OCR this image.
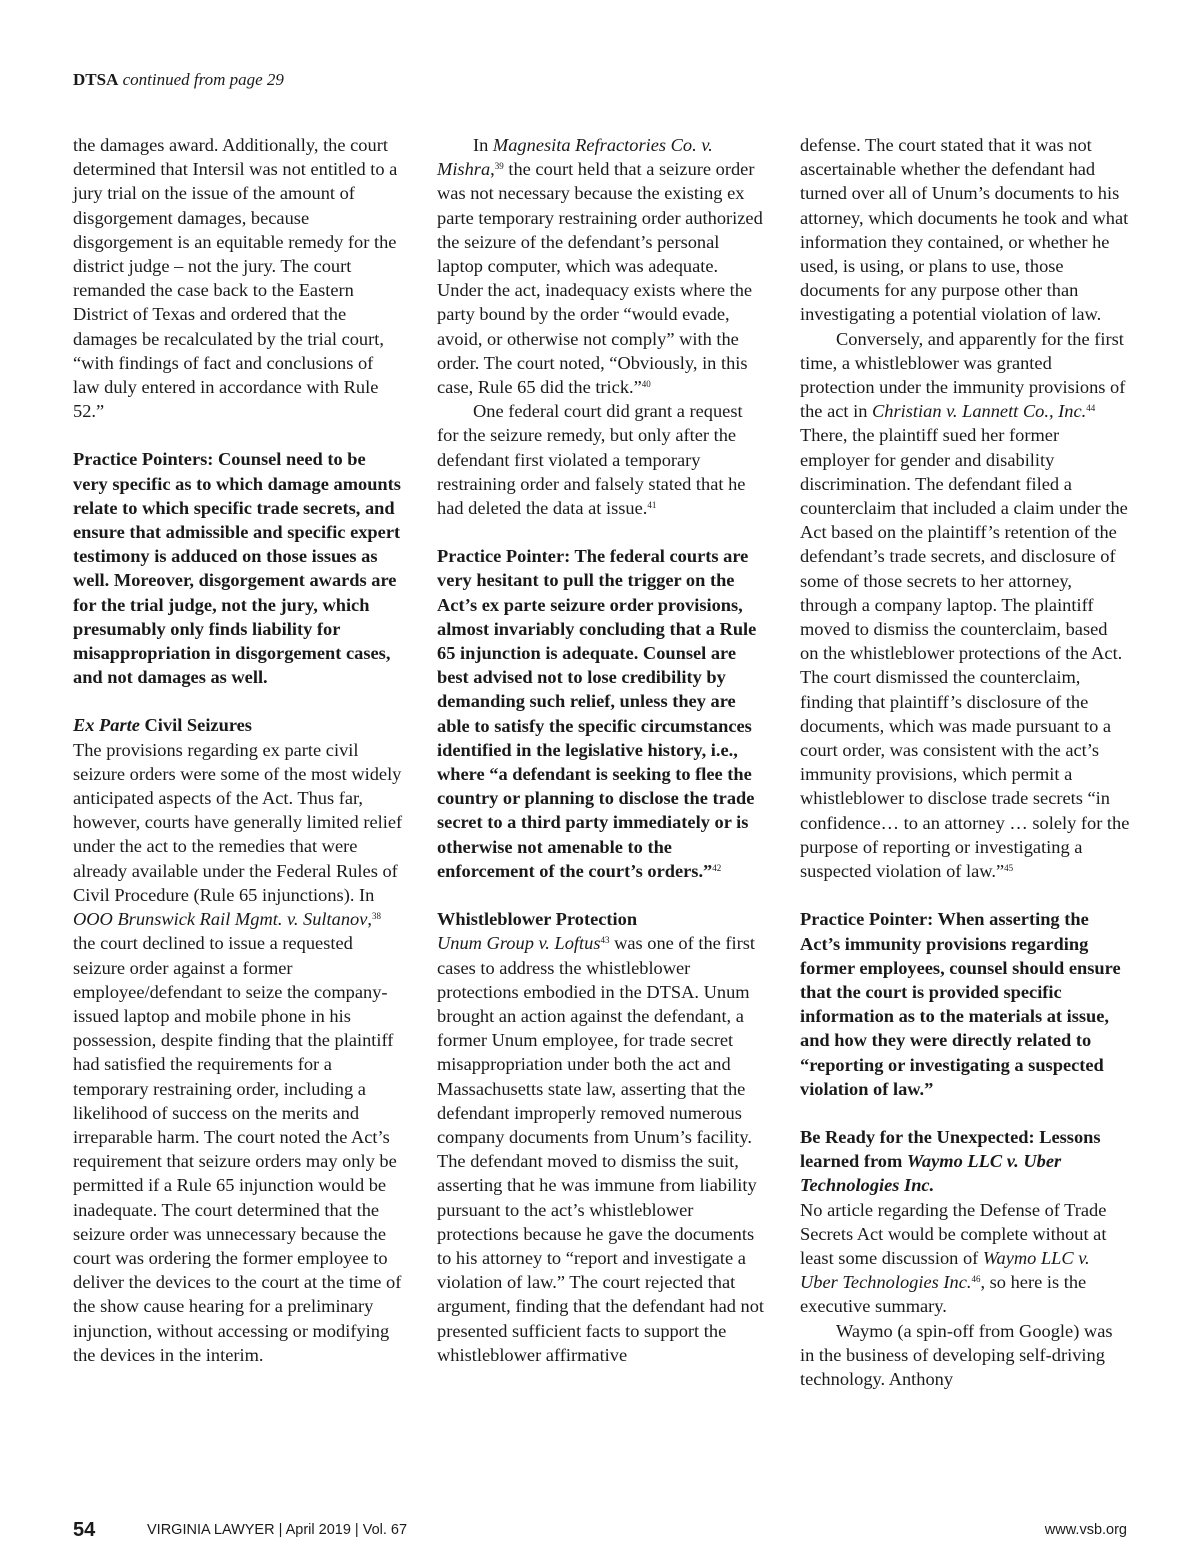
DTSA continued from page 29

the damages award. Additionally, the court determined that Intersil was not entitled to a jury trial on the issue of the amount of disgorgement damages, because disgorgement is an equitable remedy for the district judge – not the jury. The court remanded the case back to the Eastern District of Texas and ordered that the damages be recalculated by the trial court, “with findings of fact and conclusions of law duly entered in accordance with Rule 52.”

Practice Pointers: Counsel need to be very specific as to which damage amounts relate to which specific trade secrets, and ensure that admissible and specific expert testimony is adduced on those issues as well. Moreover, disgorgement awards are for the trial judge, not the jury, which presumably only finds liability for misappropriation in disgorgement cases, and not damages as well.

Ex Parte Civil Seizures

The provisions regarding ex parte civil seizure orders were some of the most widely anticipated aspects of the Act. Thus far, however, courts have generally limited relief under the act to the remedies that were already available under the Federal Rules of Civil Procedure (Rule 65 injunctions). In OOO Brunswick Rail Mgmt. v. Sultanov,$^{38}$ the court declined to issue a requested seizure order against a former employee/defendant to seize the company-issued laptop and mobile phone in his possession, despite finding that the plaintiff had satisfied the requirements for a temporary restraining order, including a likelihood of success on the merits and irreparable harm. The court noted the Act’s requirement that seizure orders may only be permitted if a Rule 65 injunction would be inadequate. The court determined that the seizure order was unnecessary because the court was ordering the former employee to deliver the devices to the court at the time of the show cause hearing for a preliminary injunction, without accessing or modifying the devices in the interim.

In Magnesita Refractories Co. v. Mishra,$^{39}$ the court held that a seizure order was not necessary because the existing ex parte temporary restraining order authorized the seizure of the defendant’s personal laptop computer, which was adequate. Under the act, inadequacy exists where the party bound by the order “would evade, avoid, or otherwise not comply” with the order. The court noted, “Obviously, in this case, Rule 65 did the trick.”$^{40}$

One federal court did grant a request for the seizure remedy, but only after the defendant first violated a temporary restraining order and falsely stated that he had deleted the data at issue.$^{41}$

Practice Pointer: The federal courts are very hesitant to pull the trigger on the Act’s ex parte seizure order provisions, almost invariably concluding that a Rule 65 injunction is adequate. Counsel are best advised not to lose credibility by demanding such relief, unless they are able to satisfy the specific circumstances identified in the legislative history, i.e., where “a defendant is seeking to flee the country or planning to disclose the trade secret to a third party immediately or is otherwise not amenable to the enforcement of the court’s orders.”$^{42}$

Whistleblower Protection

Unum Group v. Loftus$^{43}$ was one of the first cases to address the whistleblower protections embodied in the DTSA. Unum brought an action against the defendant, a former Unum employee, for trade secret misappropriation under both the act and Massachusetts state law, asserting that the defendant improperly removed numerous company documents from Unum’s facility. The defendant moved to dismiss the suit, asserting that he was immune from liability pursuant to the act’s whistleblower protections because he gave the documents to his attorney to “report and investigate a violation of law.” The court rejected that argument, finding that the defendant had not presented sufficient facts to support the whistleblower affirmative

defense. The court stated that it was not ascertainable whether the defendant had turned over all of Unum’s documents to his attorney, which documents he took and what information they contained, or whether he used, is using, or plans to use, those documents for any purpose other than investigating a potential violation of law.

Conversely, and apparently for the first time, a whistleblower was granted protection under the immunity provisions of the act in Christian v. Lannett Co., Inc.$^{44}$ There, the plaintiff sued her former employer for gender and disability discrimination. The defendant filed a counterclaim that included a claim under the Act based on the plaintiff’s retention of the defendant’s trade secrets, and disclosure of some of those secrets to her attorney, through a company laptop. The plaintiff moved to dismiss the counterclaim, based on the whistleblower protections of the Act. The court dismissed the counterclaim, finding that plaintiff’s disclosure of the documents, which was made pursuant to a court order, was consistent with the act’s immunity provisions, which permit a whistleblower to disclose trade secrets “in confidence… to an attorney … solely for the purpose of reporting or investigating a suspected violation of law.”$^{45}$

Practice Pointer: When asserting the Act’s immunity provisions regarding former employees, counsel should ensure that the court is provided specific information as to the materials at issue, and how they were directly related to “reporting or investigating a suspected violation of law.”

Be Ready for the Unexpected: Lessons learned from Waymo LLC v. Uber Technologies Inc.

No article regarding the Defense of Trade Secrets Act would be complete without at least some discussion of Waymo LLC v. Uber Technologies Inc.$^{46}$, so here is the executive summary.

Waymo (a spin-off from Google) was in the business of developing self-driving technology. Anthony

54	VIRGINIA LAWYER | April 2019 | Vol. 67	www.vsb.org
